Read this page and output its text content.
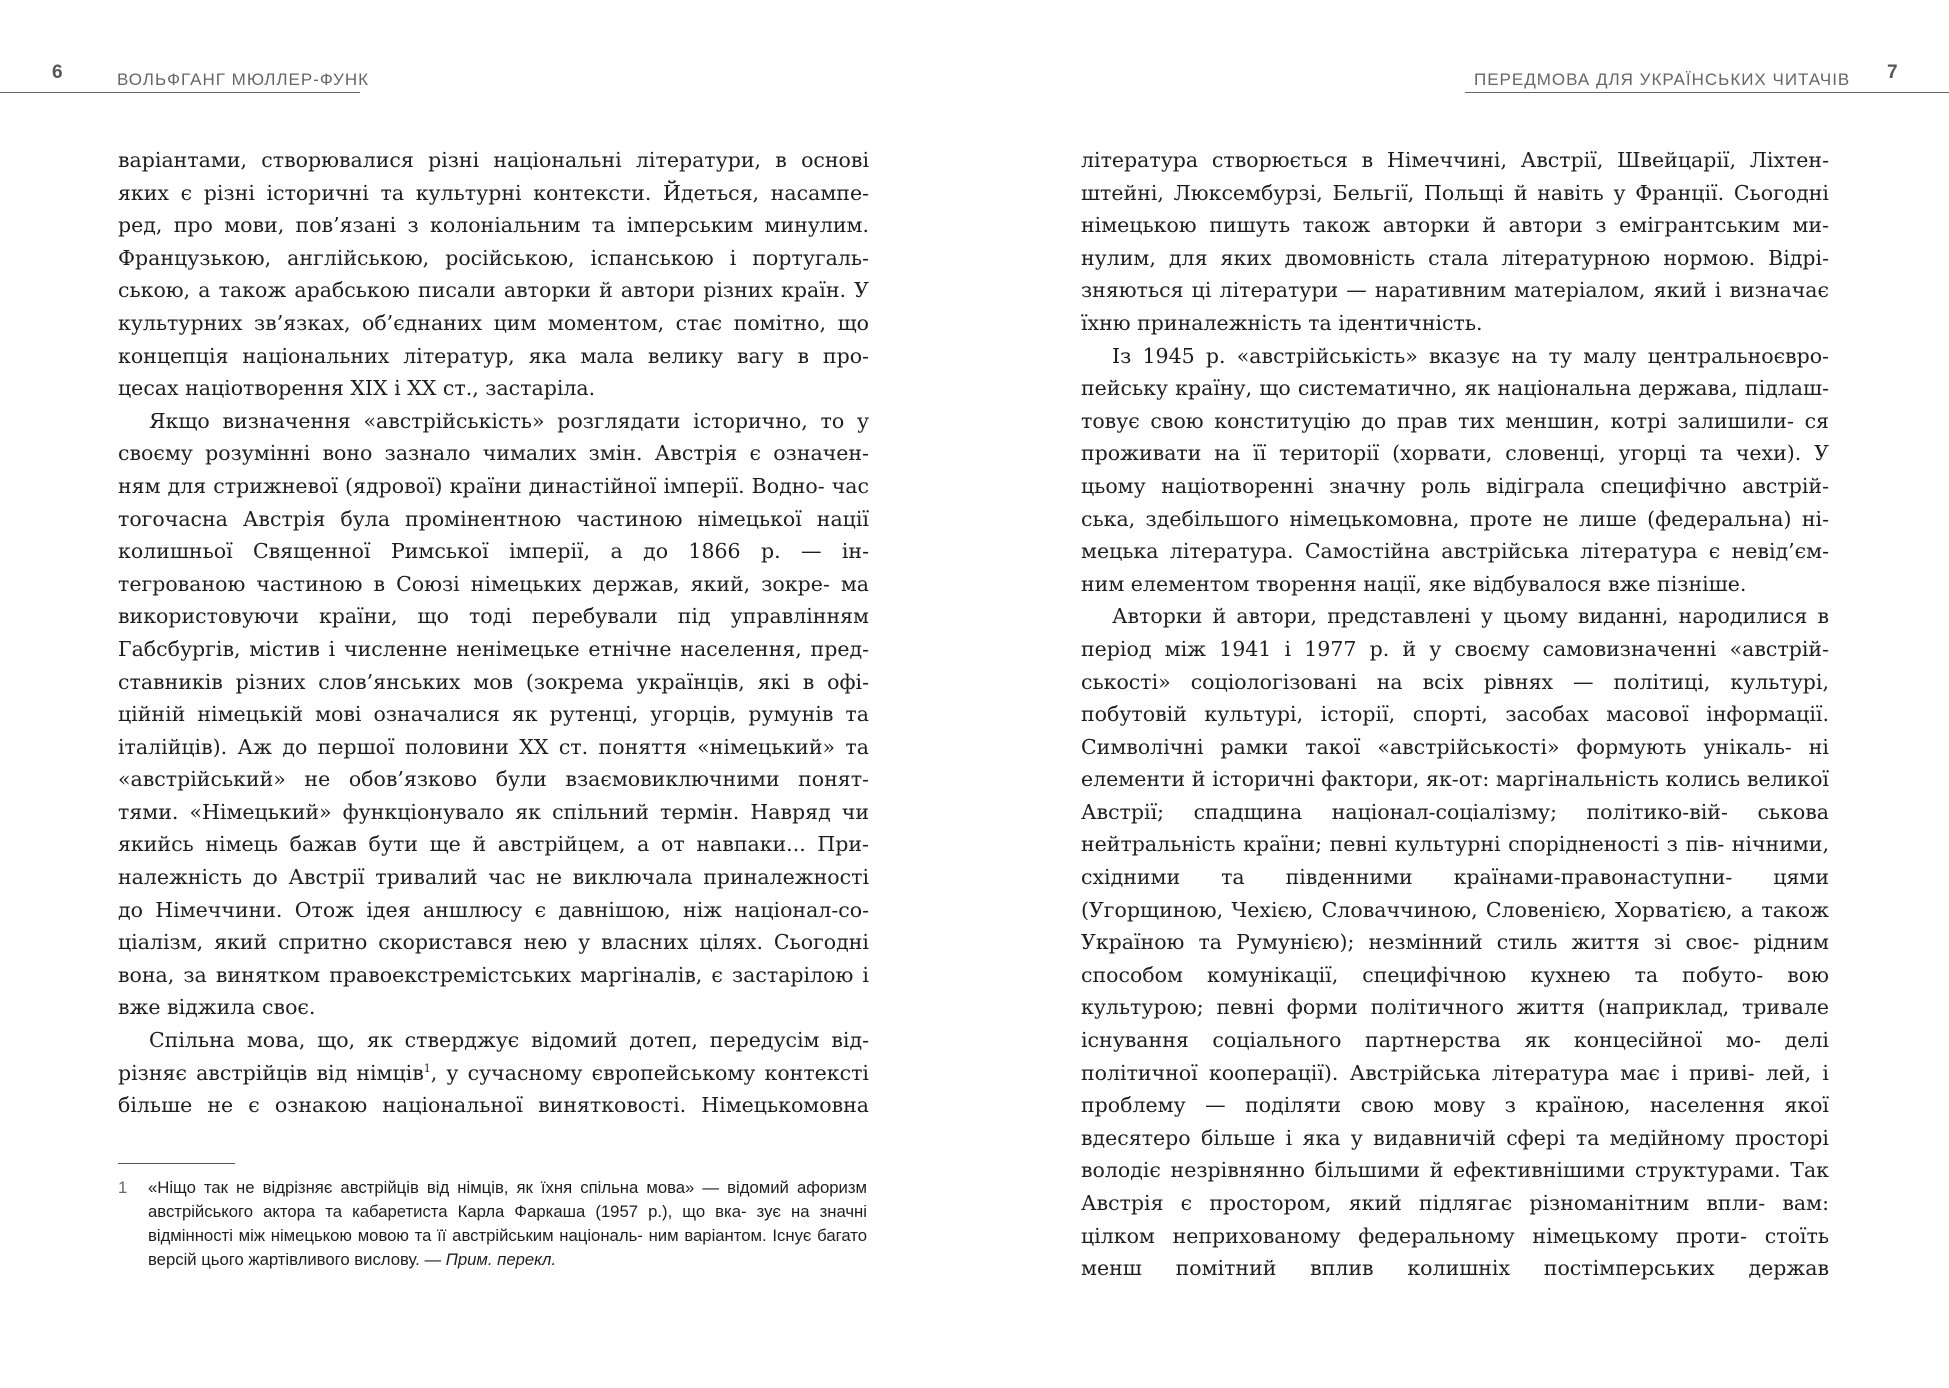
6	ВОЛЬФГАНГ МЮЛЛЕР-ФУНК

варіантами, створювалися різні національні літератури, в основі яких є різні історичні та культурні контексти. Йдеться, насампе- ред, про мови, пов’язані з колоніальним та імперським минулим. Французькою, англійською, російською, іспанською і португаль- ською, а також арабською писали авторки й автори різних країн. У культурних зв’язках, об’єднаних цим моментом, стає помітно, що концепція національних літератур, яка мала велику вагу в про- цесах націотворення XIX і XX ст., застаріла.

Якщо визначення «австрійськість» розглядати історично, то у своєму розумінні воно зазнало чималих змін. Австрія є означен- ням для стрижневої (ядрової) країни династійної імперії. Водно- час тогочасна Австрія була промінентною частиною німецької нації колишньої Священної Римської імперії, а до 1866 р. — ін- тегрованою частиною в Союзі німецьких держав, який, зокре- ма використовуючи країни, що тоді перебували під управлінням Габсбургів, містив і численне ненімецьке етнічне населення, пред- ставників різних слов’янських мов (зокрема українців, які в офі- ційній німецькій мові означалися як рутенці, угорців, румунів та італійців). Аж до першої половини XX ст. поняття «німецький» та «австрійський» не обов’язково були взаємовиключними понят- тями. «Німецький» функціонувало як спільний термін. Навряд чи якийсь німець бажав бути ще й австрійцем, а от навпаки... При- належність до Австрії тривалий час не виключала приналежності до Німеччини. Отож ідея аншлюсу є давнішою, ніж націонал-со- ціалізм, який спритно скористався нею у власних цілях. Сьогодні вона, за винятком правоекстремістських маргіналів, є застарілою і вже віджила своє.

Спільна мова, що, як стверджує відомий дотеп, передусім від- різняє австрійців від німців$^1$, у сучасному європейському контексті більше не є ознакою національної винятковості. Німецькомовна

1 «Ніщо так не відрізняє австрійців від німців, як їхня спільна мова» — відомий афоризм австрійського актора та кабаретиста Карла Фаркаша (1957 р.), що вка- зує на значні відмінності між німецькою мовою та її австрійським національ- ним варіантом. Існує багато версій цього жартівливого вислову. — Прим. перекл.
ПЕРЕДМОВА ДЛЯ УКРАЇНСЬКИХ ЧИТАЧІВ 7

література створюється в Німеччині, Австрії, Швейцарії, Ліхтен- штейні, Люксембурзі, Бельгії, Польщі й навіть у Франції. Сьогодні німецькою пишуть також авторки й автори з емігрантським ми- нулим, для яких двомовність стала літературною нормою. Відрі- зняються ці літератури — наративним матеріалом, який і визначає їхню приналежність та ідентичність.

Із 1945 р. «австрійськість» вказує на ту малу центральноєвро- пейську країну, що систематично, як національна держава, підлаш- товує свою конституцію до прав тих меншин, котрі залишили- ся проживати на її території (хорвати, словенці, угорці та чехи). У цьому націотворенні значну роль відіграла специфічно австрій- ська, здебільшого німецькомовна, проте не лише (федеральна) ні- мецька література. Самостійна австрійська література є невід’єм- ним елементом творення нації, яке відбувалося вже пізніше.

Авторки й автори, представлені у цьому виданні, народилися в період між 1941 і 1977 р. й у своєму самовизначенні «австрій- ськості» соціологізовані на всіх рівнях — політиці, культурі, побутовій культурі, історії, спорті, засобах масової інформації. Символічні рамки такої «австрійськості» формують унікаль- ні елементи й історичні фактори, як-от: маргінальність колись великої Австрії; спадщина націонал-соціалізму; політико-вій- ськова нейтральність країни; певні культурні спорідненості з пів- нічними, східними та південними країнами-правонаступни- цями (Угорщиною, Чехією, Словаччиною, Словенією, Хорватією, а також Україною та Румунією); незмінний стиль життя зі своє- рідним способом комунікації, специфічною кухнею та побуто- вою культурою; певні форми політичного життя (наприклад, тривале існування соціального партнерства як концесійної мо- делі політичної кооперації). Австрійська література має і приві- лей, і проблему — поділяти свою мову з країною, населення якої вдесятеро більше і яка у видавничій сфері та медійному просторі володіє незрівнянно більшими й ефективнішими структурами. Так Австрія є простором, який підлягає різноманітним впли- вам: цілком неприхованому федеральному німецькому проти- стоїть менш помітний вплив колишніх постімперських держав
